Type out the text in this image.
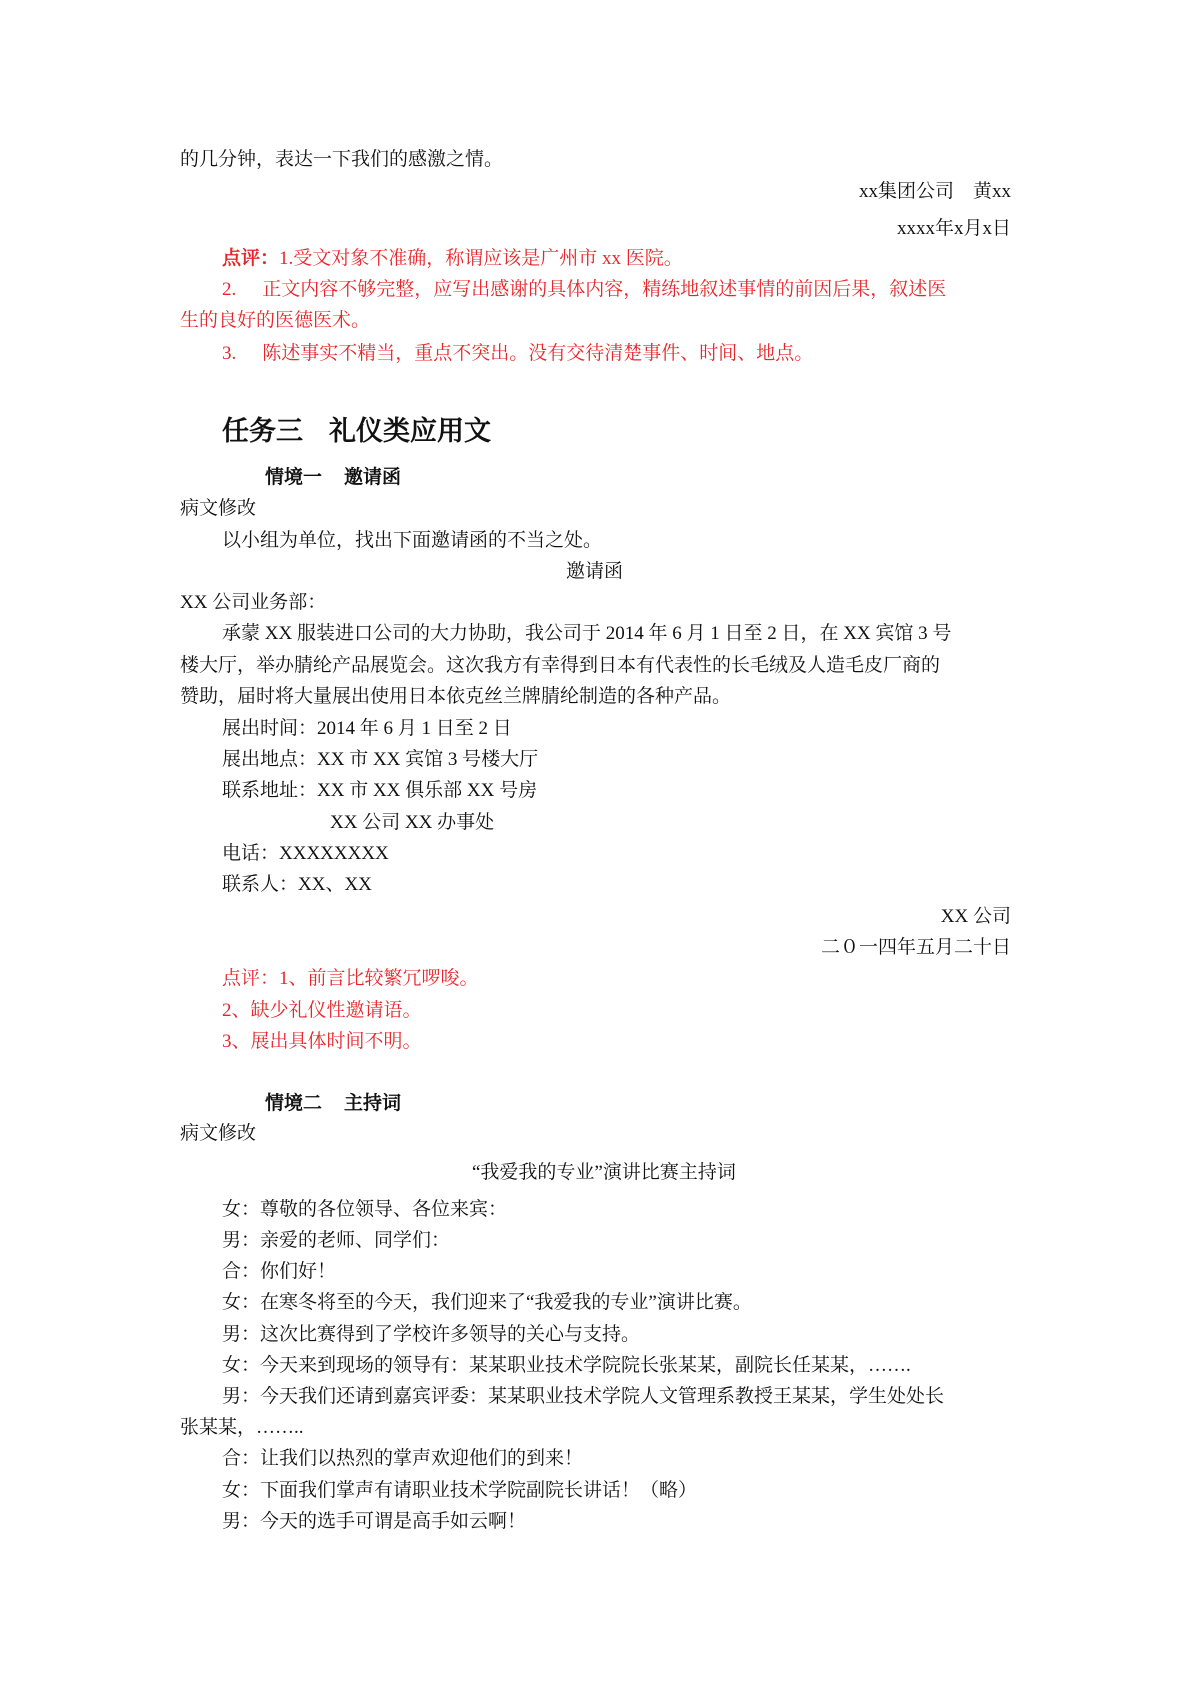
的几分钟，表达一下我们的感激之情。
xx集团公司 黄xx
xxxx年x月x日
点评：1.受文对象不准确，称谓应该是广州市 xx 医院。
2. 正文内容不够完整，应写出感谢的具体内容，精练地叙述事情的前因后果，叙述医
生的良好的医德医术。
3. 陈述事实不精当，重点不突出。没有交待清楚事件、时间、地点。
任务三 礼仪类应用文
情境一 邀请函
病文修改
以小组为单位，找出下面邀请函的不当之处。
邀请函
XX 公司业务部：
承蒙 XX 服装进口公司的大力协助，我公司于 2014 年 6 月 1 日至 2 日，在 XX 宾馆 3 号
楼大厅，举办腈纶产品展览会。这次我方有幸得到日本有代表性的长毛绒及人造毛皮厂商的
赞助，届时将大量展出使用日本依克丝兰牌腈纶制造的各种产品。
展出时间：2014 年 6 月 1 日至 2 日
展出地点：XX 市 XX 宾馆 3 号楼大厅
联系地址：XX 市 XX 俱乐部 XX 号房
XX 公司 XX 办事处
电话：XXXXXXXX
联系人：XX、XX
XX 公司
二０一四年五月二十日
点评：1、前言比较繁冗啰唆。
2、缺少礼仪性邀请语。
3、展出具体时间不明。
情境二 主持词
病文修改
“我爱我的专业”演讲比赛主持词
女：尊敬的各位领导、各位来宾：
男：亲爱的老师、同学们：
合：你们好！
女：在寒冬将至的今天，我们迎来了“我爱我的专业”演讲比赛。
男：这次比赛得到了学校许多领导的关心与支持。
女：今天来到现场的领导有：某某职业技术学院院长张某某，副院长任某某，…….
男：今天我们还请到嘉宾评委：某某职业技术学院人文管理系教授王某某，学生处处长
张某某，……..
合：让我们以热烈的掌声欢迎他们的到来！
女：下面我们掌声有请职业技术学院副院长讲话！（略）
男：今天的选手可谓是高手如云啊！
